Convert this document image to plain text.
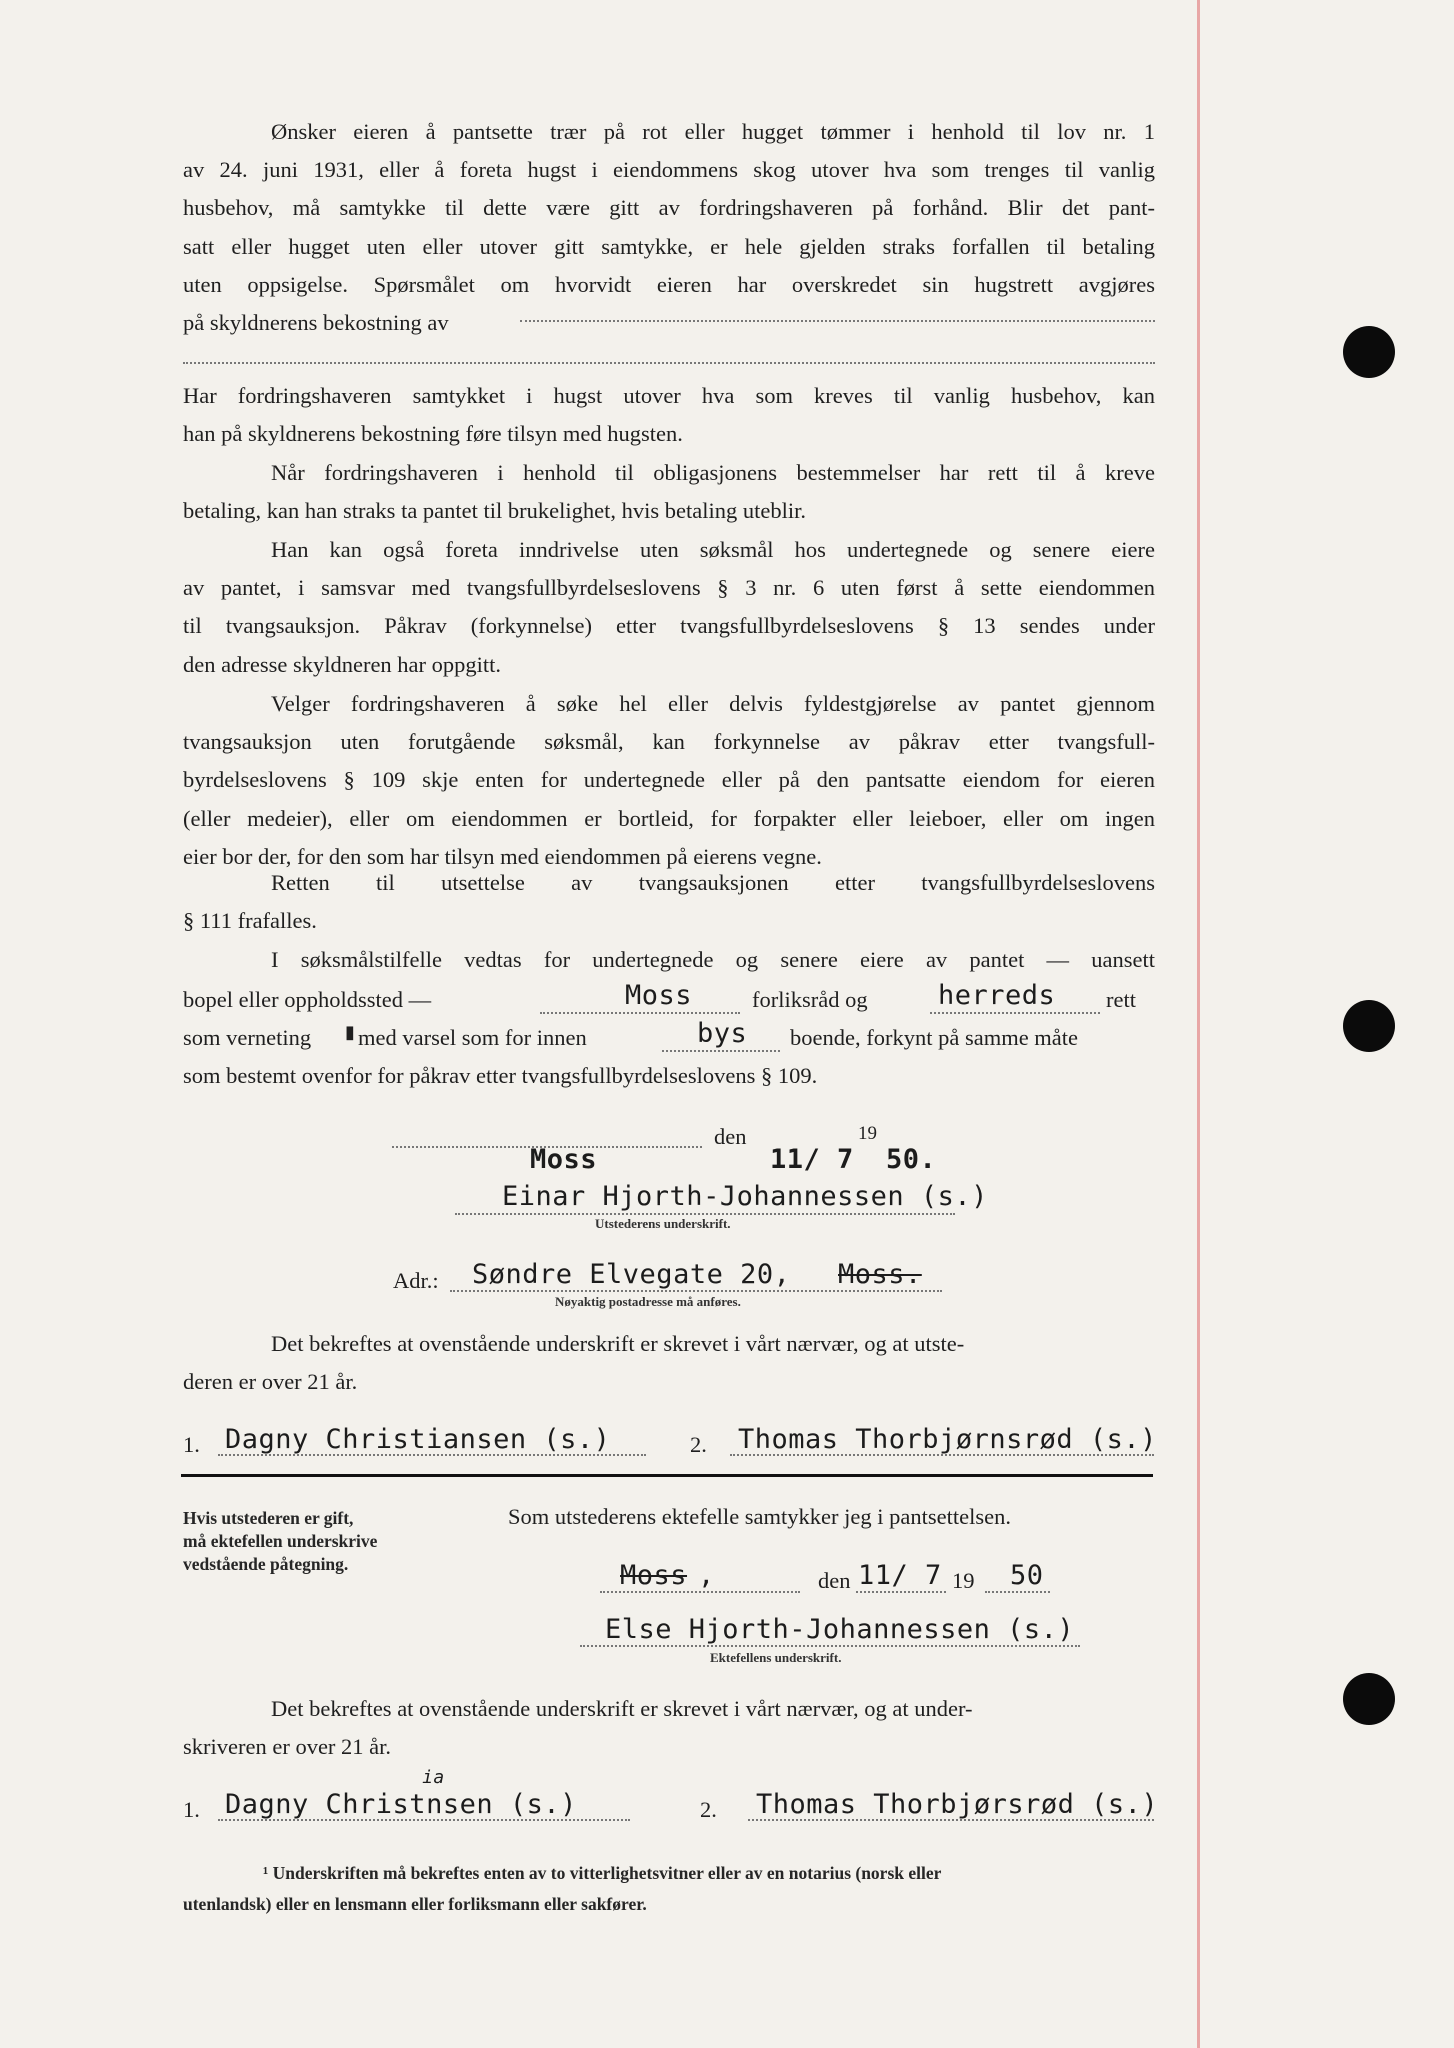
Ønsker eieren å pantsette trær på rot eller hugget tømmer i henhold til lov nr. 1
av 24. juni 1931, eller å foreta hugst i eiendommens skog utover hva som trenges til vanlig
husbehov, må samtykke til dette være gitt av fordringshaveren på forhånd. Blir det pant-
satt eller hugget uten eller utover gitt samtykke, er hele gjelden straks forfallen til betaling
uten oppsigelse. Spørsmålet om hvorvidt eieren har overskredet sin hugstrett avgjøres
på skyldnerens bekostning av
Har fordringshaveren samtykket i hugst utover hva som kreves til vanlig husbehov, kan
han på skyldnerens bekostning føre tilsyn med hugsten.
Når fordringshaveren i henhold til obligasjonens bestemmelser har rett til å kreve
betaling, kan han straks ta pantet til brukelighet, hvis betaling uteblir.
Han kan også foreta inndrivelse uten søksmål hos undertegnede og senere eiere
av pantet, i samsvar med tvangsfullbyrdelseslovens § 3 nr. 6 uten først å sette eiendommen
til tvangsauksjon. Påkrav (forkynnelse) etter tvangsfullbyrdelseslovens § 13 sendes under
den adresse skyldneren har oppgitt.
Velger fordringshaveren å søke hel eller delvis fyldestgjørelse av pantet gjennom
tvangsauksjon uten forutgående søksmål, kan forkynnelse av påkrav etter tvangsfull-
byrdelseslovens § 109 skje enten for undertegnede eller på den pantsatte eiendom for eieren
(eller medeier), eller om eiendommen er bortleid, for forpakter eller leieboer, eller om ingen
eier bor der, for den som har tilsyn med eiendommen på eierens vegne.
Retten til utsettelse av tvangsauksjonen etter tvangsfullbyrdelseslovens
§ 111 frafalles.
I søksmålstilfelle vedtas for undertegnede og senere eiere av pantet — uansett
bopel eller oppholdssted —	Moss	forliksråd og	herreds rett
som verneting ▮ med varsel som for innen	bys boende, forkynt på samme måte
som bestemt ovenfor for påkrav etter tvangsfullbyrdelseslovens § 109.
Moss
den
11/ 7
19
50.
Einar Hjorth-Johannessen (s.)
Utstederens underskrift.
Adr.: Søndre Elvegate 20, Moss.
Nøyaktig postadresse må anføres.
Det bekreftes at ovenstående underskrift er skrevet i vårt nærvær, og at utste-
deren er over 21 år.
1. Dagny Christiansen (s.)	2. Thomas Thorbjørnsrød (s.)
Hvis utstederen er gift,
må ektefellen underskrive
vedstående påtegning.
Som utstederens ektefelle samtykker jeg i pantsettelsen.
Moss ,	den 11/ 7 19 50
Else Hjorth-Johannessen (s.)
Ektefellens underskrift.
Det bekreftes at ovenstående underskrift er skrevet i vårt nærvær, og at under-
skriveren er over 21 år.
1. Dagny Christ
ia
nsen (s.)	2. Thomas Thorbjørsrød (s.)
¹ Underskriften må bekreftes enten av to vitterlighetsvitner eller av en notarius (norsk eller
utenlandsk) eller en lensmann eller forliksmann eller sakfører.
